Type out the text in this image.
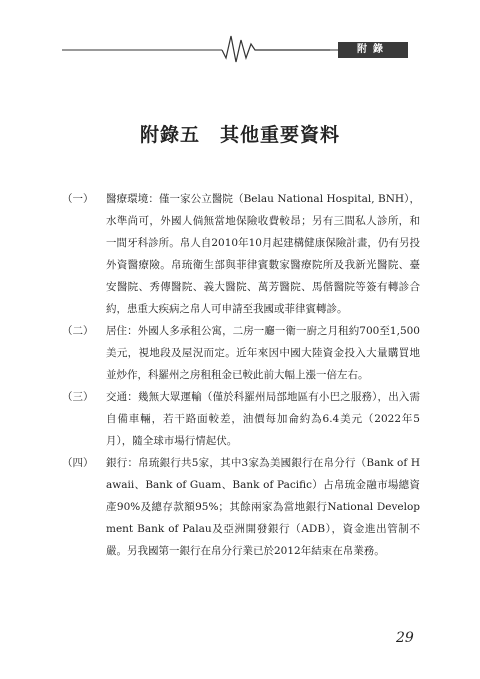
附錄
附錄五　其他重要資料
（一）	醫療環境：僅一家公立醫院（Belau National Hospital, BNH），水準尚可，外國人倘無當地保險收費較昂；另有三間私人診所，和一間牙科診所。帛人自2010年10月起建構健康保險計畫，仍有另投外資醫療險。帛琉衛生部與菲律賓數家醫療院所及我新光醫院、臺安醫院、秀傳醫院、義大醫院、萬芳醫院、馬偕醫院等簽有轉診合約，患重大疾病之帛人可申請至我國或菲律賓轉診。
（二）	居住：外國人多承租公寓，二房一廳一衛一廚之月租約700至1,500美元，視地段及屋況而定。近年來因中國大陸資金投入大量購買地並炒作，科羅州之房租租金已較此前大幅上漲一倍左右。
（三）	交通：幾無大眾運輸（僅於科羅州局部地區有小巴之服務），出入需自備車輛，若干路面較差，油價每加侖約為6.4美元（2022年5月），隨全球市場行情起伏。
（四）	銀行：帛琉銀行共5家，其中3家為美國銀行在帛分行（Bank of Hawaii、Bank of Guam、Bank of Pacific）占帛琉金融市場總資產90%及總存款額95%；其餘兩家為當地銀行National Development Bank of Palau及亞洲開發銀行（ADB），資金進出管制不嚴。另我國第一銀行在帛分行業已於2012年結束在帛業務。
29
